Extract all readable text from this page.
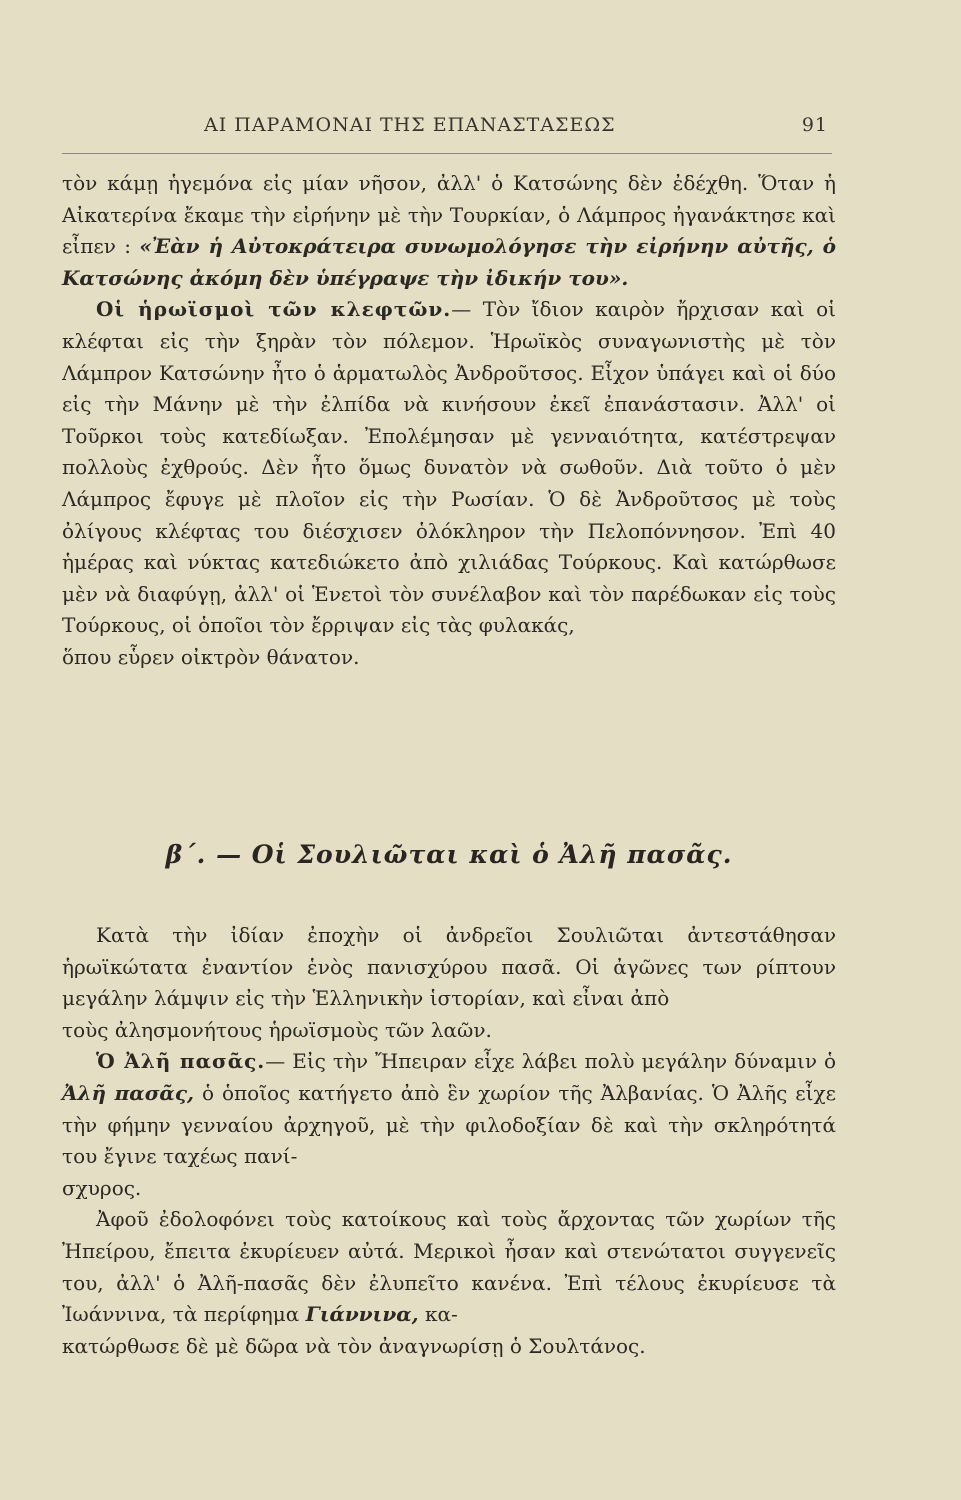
ΑΙ ΠΑΡΑΜΟΝΑΙ ΤΗΣ ΕΠΑΝΑΣΤΑΣΕΩΣ	91

τὸν κάμῃ ἡγεμόνα εἰς μίαν νῆσον, ἀλλ' ὁ Κατσώνης δὲν ἐδέχθη. Ὅταν ἡ Αἰκατερίνα ἔκαμε τὴν εἰρήνην μὲ τὴν Τουρκίαν, ὁ Λάμπρος ἠγανάκτησε καὶ εἶπεν : «Ἐὰν ἡ Αὐτοκράτειρα συνωμολόγησε τὴν εἰρήνην αὐτῆς, ὁ Κατσώνης ἀκόμη δὲν ὑπέγραψε τὴν ἰδικήν του».

Οἱ ἡρωϊσμοὶ τῶν κλεφτῶν.— Τὸν ἴδιον καιρὸν ἤρχισαν καὶ οἱ κλέφται εἰς τὴν ξηρὰν τὸν πόλεμον. Ἡρωϊκὸς συναγωνιστὴς μὲ τὸν Λάμπρον Κατσώνην ἦτο ὁ ἁρματωλὸς Ἀνδροῦτσος. Εἶχον ὑπάγει καὶ οἱ δύο εἰς τὴν Μάνην μὲ τὴν ἐλπίδα νὰ κινήσουν ἐκεῖ ἐπανάστασιν. Ἀλλ' οἱ Τοῦρκοι τοὺς κατεδίωξαν. Ἐπολέμησαν μὲ γενναιότητα, κατέστρεψαν πολλοὺς ἐχθρούς. Δὲν ἦτο ὅμως δυνατὸν νὰ σωθοῦν. Διὰ τοῦτο ὁ μὲν Λάμπρος ἔφυγε μὲ πλοῖον εἰς τὴν Ρωσίαν. Ὁ δὲ Ἀνδροῦτσος μὲ τοὺς ὀλίγους κλέφτας του διέσχισεν ὁλόκληρον τὴν Πελοπόννησον. Ἐπὶ 40 ἡμέρας καὶ νύκτας κατεδιώκετο ἀπὸ χιλιάδας Τούρκους. Καὶ κατώρθωσε μὲν νὰ διαφύγῃ, ἀλλ' οἱ Ἑνετοὶ τὸν συνέλαβον καὶ τὸν παρέδωκαν εἰς τοὺς Τούρκους, οἱ ὁποῖοι τὸν ἔρριψαν εἰς τὰς φυλακάς,

ὅπου εὗρεν οἰκτρὸν θάνατον.

β΄. — Οἱ Σουλιῶται καὶ ὁ Ἀλῆ πασᾶς.

Κατὰ τὴν ἰδίαν ἐποχὴν οἱ ἀνδρεῖοι Σουλιῶται ἀντεστάθησαν ἡρωϊκώτατα ἐναντίον ἑνὸς πανισχύρου πασᾶ. Οἱ ἀγῶνες των ρίπτουν μεγάλην λάμψιν εἰς τὴν Ἑλληνικὴν ἱστορίαν, καὶ εἶναι ἀπὸ

τοὺς ἀλησμονήτους ἡρωϊσμοὺς τῶν λαῶν.

Ὁ Ἀλῆ πασᾶς.— Εἰς τὴν Ἤπειραν εἶχε λάβει πολὺ μεγάλην δύναμιν ὁ Ἀλῆ πασᾶς, ὁ ὁποῖος κατήγετο ἀπὸ ἓν χωρίον τῆς Ἀλβανίας. Ὁ Ἀλῆς εἶχε τὴν φήμην γενναίου ἀρχηγοῦ, μὲ τὴν φιλοδοξίαν δὲ καὶ τὴν σκληρότητά του ἔγινε ταχέως πανί-

σχυρος.

Ἀφοῦ ἐδολοφόνει τοὺς κατοίκους καὶ τοὺς ἄρχοντας τῶν χωρίων τῆς Ἠπείρου, ἔπειτα ἐκυρίευεν αὐτά. Μερικοὶ ἦσαν καὶ στενώτατοι συγγενεῖς του, ἀλλ' ὁ Ἀλῆ-πασᾶς δὲν ἐλυπεῖτο κανένα. Ἐπὶ τέλους ἐκυρίευσε τὰ Ἰωάννινα, τὰ περίφημα Γιάννινα, κα-

κατώρθωσε δὲ μὲ δῶρα νὰ τὸν ἀναγνωρίσῃ ὁ Σουλτάνος.
